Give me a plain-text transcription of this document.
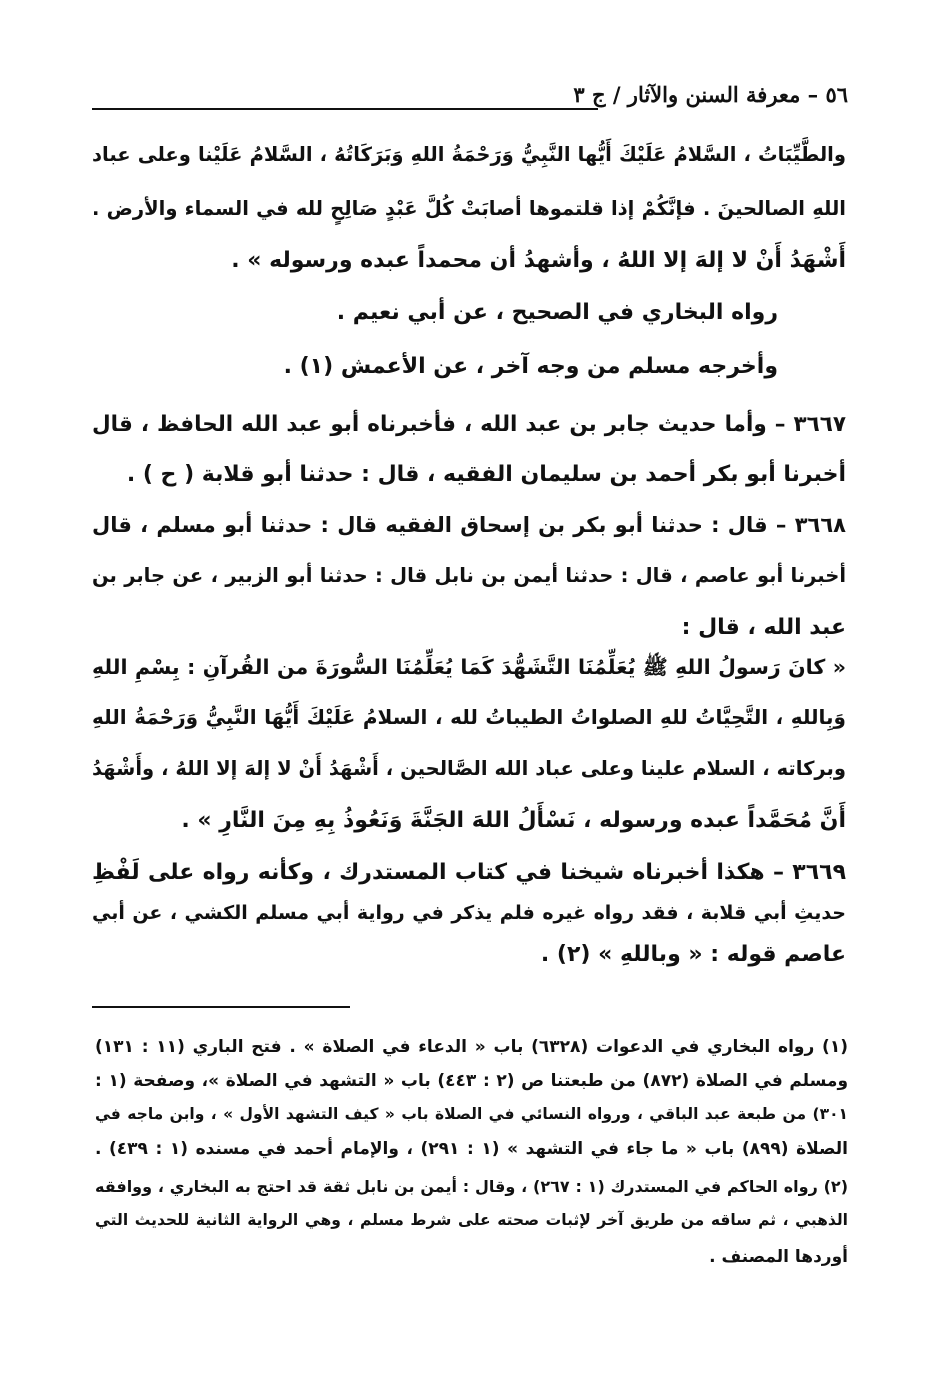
٥٦ – معرفة السنن والآثار / ج ٣
والطَّيِّبَاتُ ، السَّلامُ عَلَيْكَ أَيُّها النَّبِيُّ وَرَحْمَةُ اللهِ وَبَرَكَاتُهُ ، السَّلامُ عَلَيْنا وعلى عباد
اللهِ الصالحينَ . فإنَّكُمْ إذا قلتموها أصابَتْ كُلَّ عَبْدٍ صَالِحٍ لله في السماء والأرض .
أَشْهَدُ أَنْ لا إلهَ إلا اللهُ ، وأشهدُ أن محمداً عبده ورسوله » .
رواه البخاري في الصحيح ، عن أبي نعيم .
وأخرجه مسلم من وجه آخر ، عن الأعمش (١) .
٣٦٦٧ – وأما حديث جابر بن عبد الله ، فأخبرناه أبو عبد الله الحافظ ، قال
أخبرنا أبو بكر أحمد بن سليمان الفقيه ، قال : حدثنا أبو قلابة ( ح ) .
٣٦٦٨ – قال : حدثنا أبو بكر بن إسحاق الفقيه قال : حدثنا أبو مسلم ، قال
أخبرنا أبو عاصم ، قال : حدثنا أيمن بن نابل قال : حدثنا أبو الزبير ، عن جابر بن
عبد الله ، قال :
« كانَ رَسولُ اللهِ ﷺ يُعَلِّمُنَا التَّشَهُّدَ كَمَا يُعَلِّمُنَا السُّورَةَ من القُرآنِ : بِسْمِ اللهِ
وَبِاللهِ ، التَّحِيَّاتُ للهِ الصلواتُ الطيباتُ لله ، السلامُ عَلَيْكَ أَيُّهَا النَّبِيُّ وَرَحْمَةُ اللهِ
وبركاته ، السلام علينا وعلى عباد الله الصَّالحين ، أَشْهَدُ أَنْ لا إلهَ إلا اللهُ ، وأَشْهَدُ
أَنَّ مُحَمَّداً عبده ورسوله ، نَسْأَلُ اللهَ الجَنَّةَ وَنَعُوذُ بِهِ مِنَ النَّارِ » .
٣٦٦٩ – هكذا أخبرناه شيخنا في كتاب المستدرك ، وكأنه رواه على لَفْظِ
حديثِ أبي قلابة ، فقد رواه غيره فلم يذكر في رواية أبي مسلم الكشي ، عن أبي
عاصم قوله : « وباللهِ » (٢) .
(١) رواه البخاري في الدعوات (٦٣٢٨) باب « الدعاء في الصلاة » . فتح الباري (١١ : ١٣١)
ومسلم في الصلاة (٨٧٢) من طبعتنا ص (٢ : ٤٤٣) باب « التشهد في الصلاة »، وصفحة (١ :
٣٠١) من طبعة عبد الباقي ، ورواه النسائي في الصلاة باب « كيف التشهد الأول » ، وابن ماجه في
الصلاة (٨٩٩) باب « ما جاء في التشهد » (١ : ٢٩١) ، والإمام أحمد في مسنده (١ : ٤٣٩) .
(٢) رواه الحاكم في المستدرك (١ : ٢٦٧) ، وقال : أيمن بن نابل ثقة قد احتج به البخاري ، ووافقه
الذهبي ، ثم ساقه من طريق آخر لإثبات صحته على شرط مسلم ، وهي الرواية الثانية للحديث التي
أوردها المصنف .
